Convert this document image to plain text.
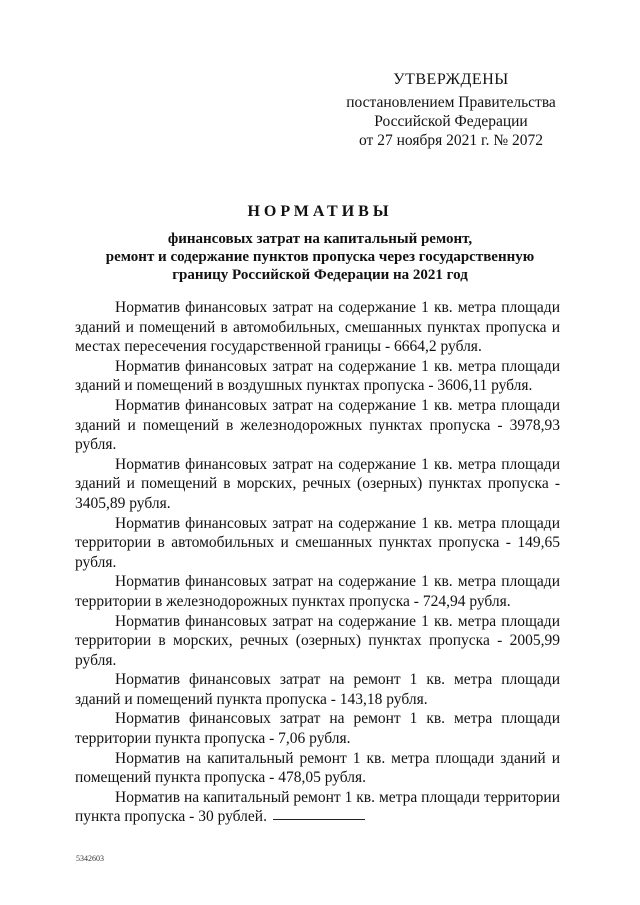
УТВЕРЖДЕНЫ
постановлением Правительства
Российской Федерации
от 27 ноября 2021 г. № 2072
НОРМАТИВЫ
финансовых затрат на капитальный ремонт,
ремонт и содержание пунктов пропуска через государственную
границу Российской Федерации на 2021 год

Норматив финансовых затрат на содержание 1 кв. метра площади зданий и помещений в автомобильных, смешанных пунктах пропуска и местах пересечения государственной границы - 6664,2 рубля.

Норматив финансовых затрат на содержание 1 кв. метра площади зданий и помещений в воздушных пунктах пропуска - 3606,11 рубля.

Норматив финансовых затрат на содержание 1 кв. метра площади зданий и помещений в железнодорожных пунктах пропуска - 3978,93 рубля.

Норматив финансовых затрат на содержание 1 кв. метра площади зданий и помещений в морских, речных (озерных) пунктах пропуска - 3405,89 рубля.

Норматив финансовых затрат на содержание 1 кв. метра площади территории в автомобильных и смешанных пунктах пропуска - 149,65 рубля.

Норматив финансовых затрат на содержание 1 кв. метра площади территории в железнодорожных пунктах пропуска - 724,94 рубля.

Норматив финансовых затрат на содержание 1 кв. метра площади территории в морских, речных (озерных) пунктах пропуска - 2005,99 рубля.

Норматив финансовых затрат на ремонт 1 кв. метра площади зданий и помещений пункта пропуска - 143,18 рубля.

Норматив финансовых затрат на ремонт 1 кв. метра площади территории пункта пропуска - 7,06 рубля.

Норматив на капитальный ремонт 1 кв. метра площади зданий и помещений пункта пропуска - 478,05 рубля.

Норматив на капитальный ремонт 1 кв. метра площади территории пункта пропуска - 30 рублей.

5342603
